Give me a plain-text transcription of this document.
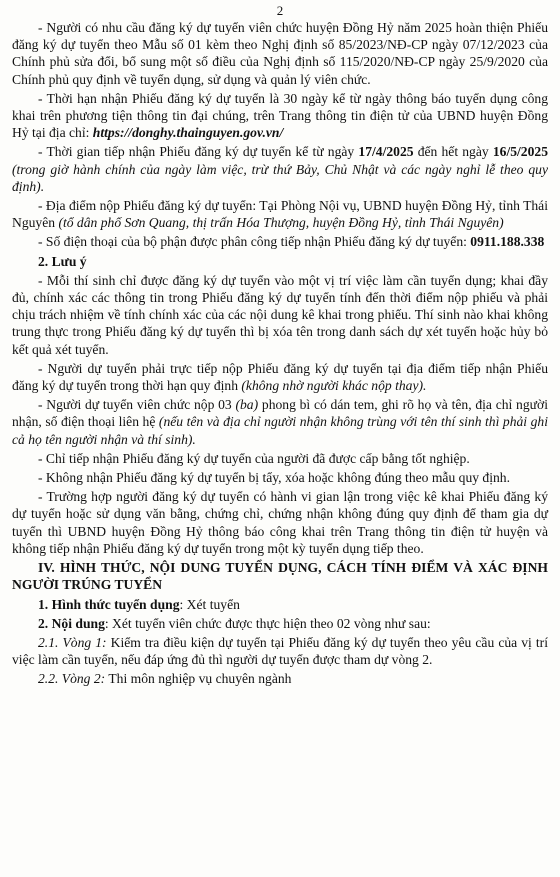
2

- Người có nhu cầu đăng ký dự tuyển viên chức huyện Đồng Hỷ năm 2025 hoàn thiện Phiếu đăng ký dự tuyển theo Mẫu số 01 kèm theo Nghị định số 85/2023/NĐ-CP ngày 07/12/2023 của Chính phủ sửa đổi, bổ sung một số điều của Nghị định số 115/2020/NĐ-CP ngày 25/9/2020 của Chính phủ quy định về tuyển dụng, sử dụng và quản lý viên chức.

- Thời hạn nhận Phiếu đăng ký dự tuyển là 30 ngày kể từ ngày thông báo tuyển dụng công khai trên phương tiện thông tin đại chúng, trên Trang thông tin điện tử của UBND huyện Đồng Hỷ tại địa chỉ: https://donghy.thainguyen.gov.vn/

- Thời gian tiếp nhận Phiếu đăng ký dự tuyển kể từ ngày 17/4/2025 đến hết ngày 16/5/2025 (trong giờ hành chính của ngày làm việc, trừ thứ Bảy, Chủ Nhật và các ngày nghỉ lễ theo quy định).

- Địa điểm nộp Phiếu đăng ký dự tuyển: Tại Phòng Nội vụ, UBND huyện Đồng Hỷ, tỉnh Thái Nguyên (tổ dân phố Sơn Quang, thị trấn Hóa Thượng, huyện Đồng Hỷ, tỉnh Thái Nguyên)

- Số điện thoại của bộ phận được phân công tiếp nhận Phiếu đăng ký dự tuyển: 0911.188.338

2. Lưu ý

- Mỗi thí sinh chỉ được đăng ký dự tuyển vào một vị trí việc làm cần tuyển dụng; khai đầy đủ, chính xác các thông tin trong Phiếu đăng ký dự tuyển tính đến thời điểm nộp phiếu và phải chịu trách nhiệm về tính chính xác của các nội dung kê khai trong phiếu. Thí sinh nào khai không trung thực trong Phiếu đăng ký dự tuyển thì bị xóa tên trong danh sách dự xét tuyển hoặc hủy bỏ kết quả xét tuyển.

- Người dự tuyển phải trực tiếp nộp Phiếu đăng ký dự tuyển tại địa điểm tiếp nhận Phiếu đăng ký dự tuyển trong thời hạn quy định (không nhờ người khác nộp thay).

- Người dự tuyển viên chức nộp 03 (ba) phong bì có dán tem, ghi rõ họ và tên, địa chỉ người nhận, số điện thoại liên hệ (nếu tên và địa chỉ người nhận không trùng với tên thí sinh thì phải ghi cả họ tên người nhận và thí sinh).

- Chỉ tiếp nhận Phiếu đăng ký dự tuyển của người đã được cấp bằng tốt nghiệp.

- Không nhận Phiếu đăng ký dự tuyển bị tẩy, xóa hoặc không đúng theo mẫu quy định.

- Trường hợp người đăng ký dự tuyển có hành vi gian lận trong việc kê khai Phiếu đăng ký dự tuyển hoặc sử dụng văn bằng, chứng chỉ, chứng nhận không đúng quy định để tham gia dự tuyển thì UBND huyện Đồng Hỷ thông báo công khai trên Trang thông tin điện tử huyện và không tiếp nhận Phiếu đăng ký dự tuyển trong một kỳ tuyển dụng tiếp theo.

IV. HÌNH THỨC, NỘI DUNG TUYỂN DỤNG, CÁCH TÍNH ĐIỂM VÀ XÁC ĐỊNH NGƯỜI TRÚNG TUYỂN

1. Hình thức tuyển dụng: Xét tuyển

2. Nội dung: Xét tuyển viên chức được thực hiện theo 02 vòng như sau:

2.1. Vòng 1: Kiểm tra điều kiện dự tuyển tại Phiếu đăng ký dự tuyển theo yêu cầu của vị trí việc làm cần tuyển, nếu đáp ứng đủ thì người dự tuyển được tham dự vòng 2.

2.2. Vòng 2: Thi môn nghiệp vụ chuyên ngành
